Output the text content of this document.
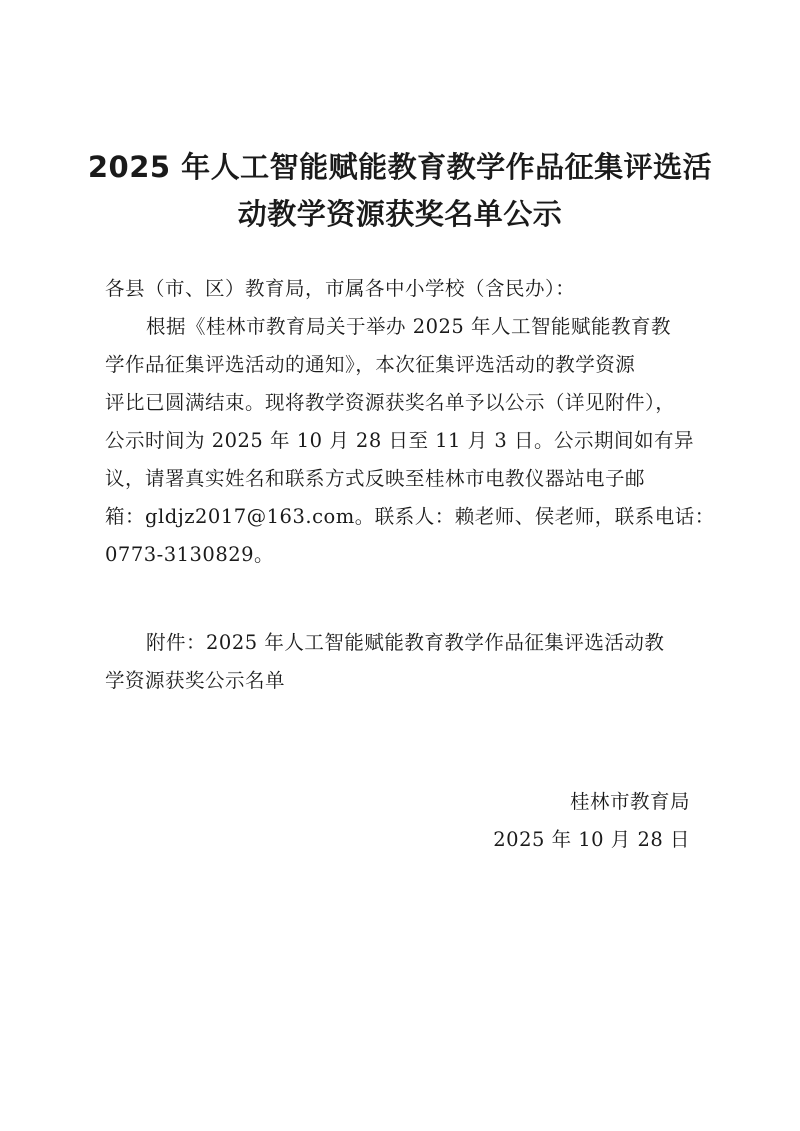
2025 年人工智能赋能教育教学作品征集评选活
动教学资源获奖名单公示
各县（市、区）教育局，市属各中小学校（含民办）：
根据《桂林市教育局关于举办 2025 年人工智能赋能教育教
学作品征集评选活动的通知》，本次征集评选活动的教学资源
评比已圆满结束。现将教学资源获奖名单予以公示（详见附件），
公示时间为 2025 年 10 月 28 日至 11 月 3 日。公示期间如有异
议，请署真实姓名和联系方式反映至桂林市电教仪器站电子邮
箱：gldjz2017@163.com。联系人：赖老师、侯老师，联系电话：
0773-3130829。
附件：2025 年人工智能赋能教育教学作品征集评选活动教
学资源获奖公示名单
桂林市教育局
2025 年 10 月 28 日
